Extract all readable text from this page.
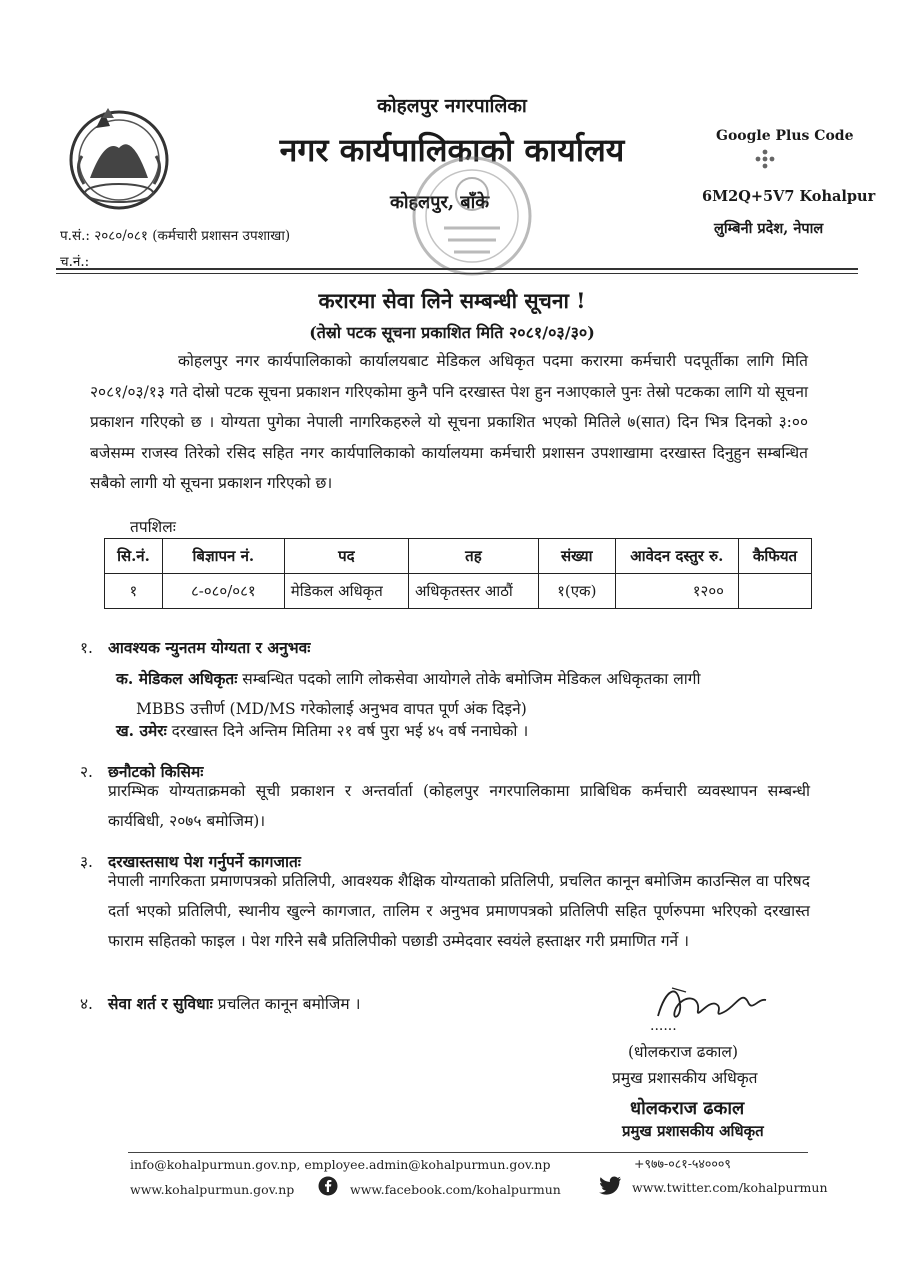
कोहलपुर नगरपालिका
नगर कार्यपालिकाको कार्यालय
कोहलपुर, बाँके
Google Plus Code
6M2Q+5V7 Kohalpur
लुम्बिनी प्रदेश, नेपाल
प.सं.: २०८०/०८१ (कर्मचारी प्रशासन उपशाखा)
च.नं.:
करारमा सेवा लिने सम्बन्धी सूचना !
(तेस्रो पटक सूचना प्रकाशित मिति २०८१/०३/३०)
कोहलपुर नगर कार्यपालिकाको कार्यालयबाट मेडिकल अधिकृत पदमा करारमा कर्मचारी पदपूर्तीका लागि मिति २०८१/०३/१३ गते दोस्रो पटक सूचना प्रकाशन गरिएकोमा कुनै पनि दरखास्त पेश हुन नआएकाले पुनः तेस्रो पटकका लागि यो सूचना प्रकाशन गरिएको छ । योग्यता पुगेका नेपाली नागरिकहरुले यो सूचना प्रकाशित भएको मितिले ७(सात) दिन भित्र दिनको ३:०० बजेसम्म राजस्व तिरेको रसिद सहित नगर कार्यपालिकाको कार्यालयमा कर्मचारी प्रशासन उपशाखामा दरखास्त दिनुहुन सम्बन्धित सबैको लागी यो सूचना प्रकाशन गरिएको छ।
तपशिलः
सि.नं.	बिज्ञापन नं.	पद	तह	संख्या	आवेदन दस्तुर रु.	कैफियत
१	८-०८०/०८१	मेडिकल अधिकृत	अधिकृतस्तर आठौं	१(एक)	१२००	
१. आवश्यक न्युनतम योग्यता र अनुभवः
क. मेडिकल अधिकृतः सम्बन्धित पदको लागि लोकसेवा आयोगले तोके बमोजिम मेडिकल अधिकृतका लागी
MBBS उत्तीर्ण (MD/MS गरेकोलाई अनुभव वापत पूर्ण अंक दिइने)
ख. उमेरः दरखास्त दिने अन्तिम मितिमा २१ वर्ष पुरा भई ४५ वर्ष ननाघेको ।
२. छनौटको किसिमः
प्रारम्भिक योग्यताक्रमको सूची प्रकाशन र अन्तर्वार्ता (कोहलपुर नगरपालिकामा प्राबिधिक कर्मचारी व्यवस्थापन सम्बन्धी कार्यबिधी, २०७५ बमोजिम)।
३. दरखास्तसाथ पेश गर्नुपर्ने कागजातः
नेपाली नागरिकता प्रमाणपत्रको प्रतिलिपी, आवश्यक शैक्षिक योग्यताको प्रतिलिपी, प्रचलित कानून बमोजिम काउन्सिल वा परिषद दर्ता भएको प्रतिलिपी, स्थानीय खुल्ने कागजात, तालिम र अनुभव प्रमाणपत्रको प्रतिलिपी सहित पूर्णरुपमा भरिएको दरखास्त फाराम सहितको फाइल । पेश गरिने सबै प्रतिलिपीको पछाडी उम्मेदवार स्वयंले हस्ताक्षर गरी प्रमाणित गर्ने ।
४. सेवा शर्त र सुविधाः प्रचलित कानून बमोजिम ।
......
(धोलकराज ढकाल)
प्रमुख प्रशासकीय अधिकृत
धोलकराज ढकाल
प्रमुख प्रशासकीय अधिकृत
info@kohalpurmun.gov.np, employee.admin@kohalpurmun.gov.np	+९७७-०८१-५४०००९
www.kohalpurmun.gov.np	www.facebook.com/kohalpurmun	www.twitter.com/kohalpurmun
